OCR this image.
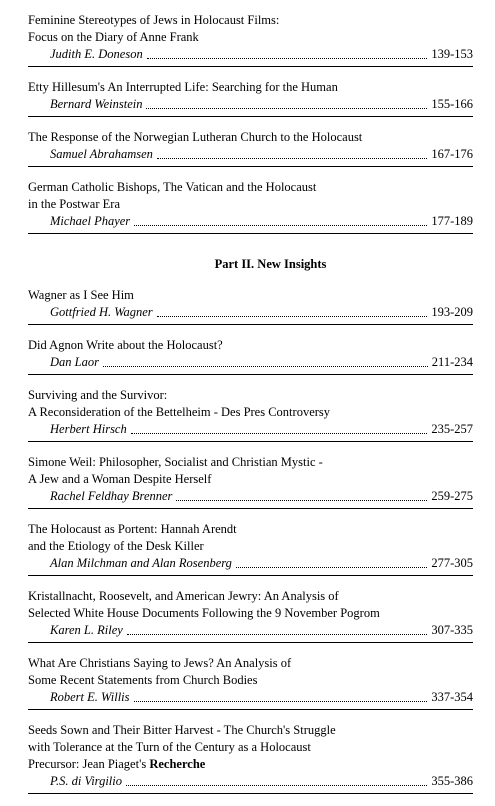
Feminine Stereotypes of Jews in Holocaust Films:
Focus on the Diary of Anne Frank
Judith E. Doneson	139-153
Etty Hillesum's An Interrupted Life: Searching for the Human
Bernard Weinstein	155-166
The Response of the Norwegian Lutheran Church to the Holocaust
Samuel Abrahamsen	167-176
German Catholic Bishops, The Vatican and the Holocaust
in the Postwar Era
Michael Phayer	177-189
Part II. New Insights
Wagner as I See Him
Gottfried H. Wagner	193-209
Did Agnon Write about the Holocaust?
Dan Laor	211-234
Surviving and the Survivor:
A Reconsideration of the Bettelheim - Des Pres Controversy
Herbert Hirsch	235-257
Simone Weil: Philosopher, Socialist and Christian Mystic -
A Jew and a Woman Despite Herself
Rachel Feldhay Brenner	259-275
The Holocaust as Portent: Hannah Arendt
and the Etiology of the Desk Killer
Alan Milchman and Alan Rosenberg	277-305
Kristallnacht, Roosevelt, and American Jewry: An Analysis of
Selected White House Documents Following the 9 November Pogrom
Karen L. Riley	307-335
What Are Christians Saying to Jews? An Analysis of
Some Recent Statements from Church Bodies
Robert E. Willis	337-354
Seeds Sown and Their Bitter Harvest - The Church's Struggle
with Tolerance at the Turn of the Century as a Holocaust
Precursor: Jean Piaget's Recherche
P.S. di Virgilio	355-386
